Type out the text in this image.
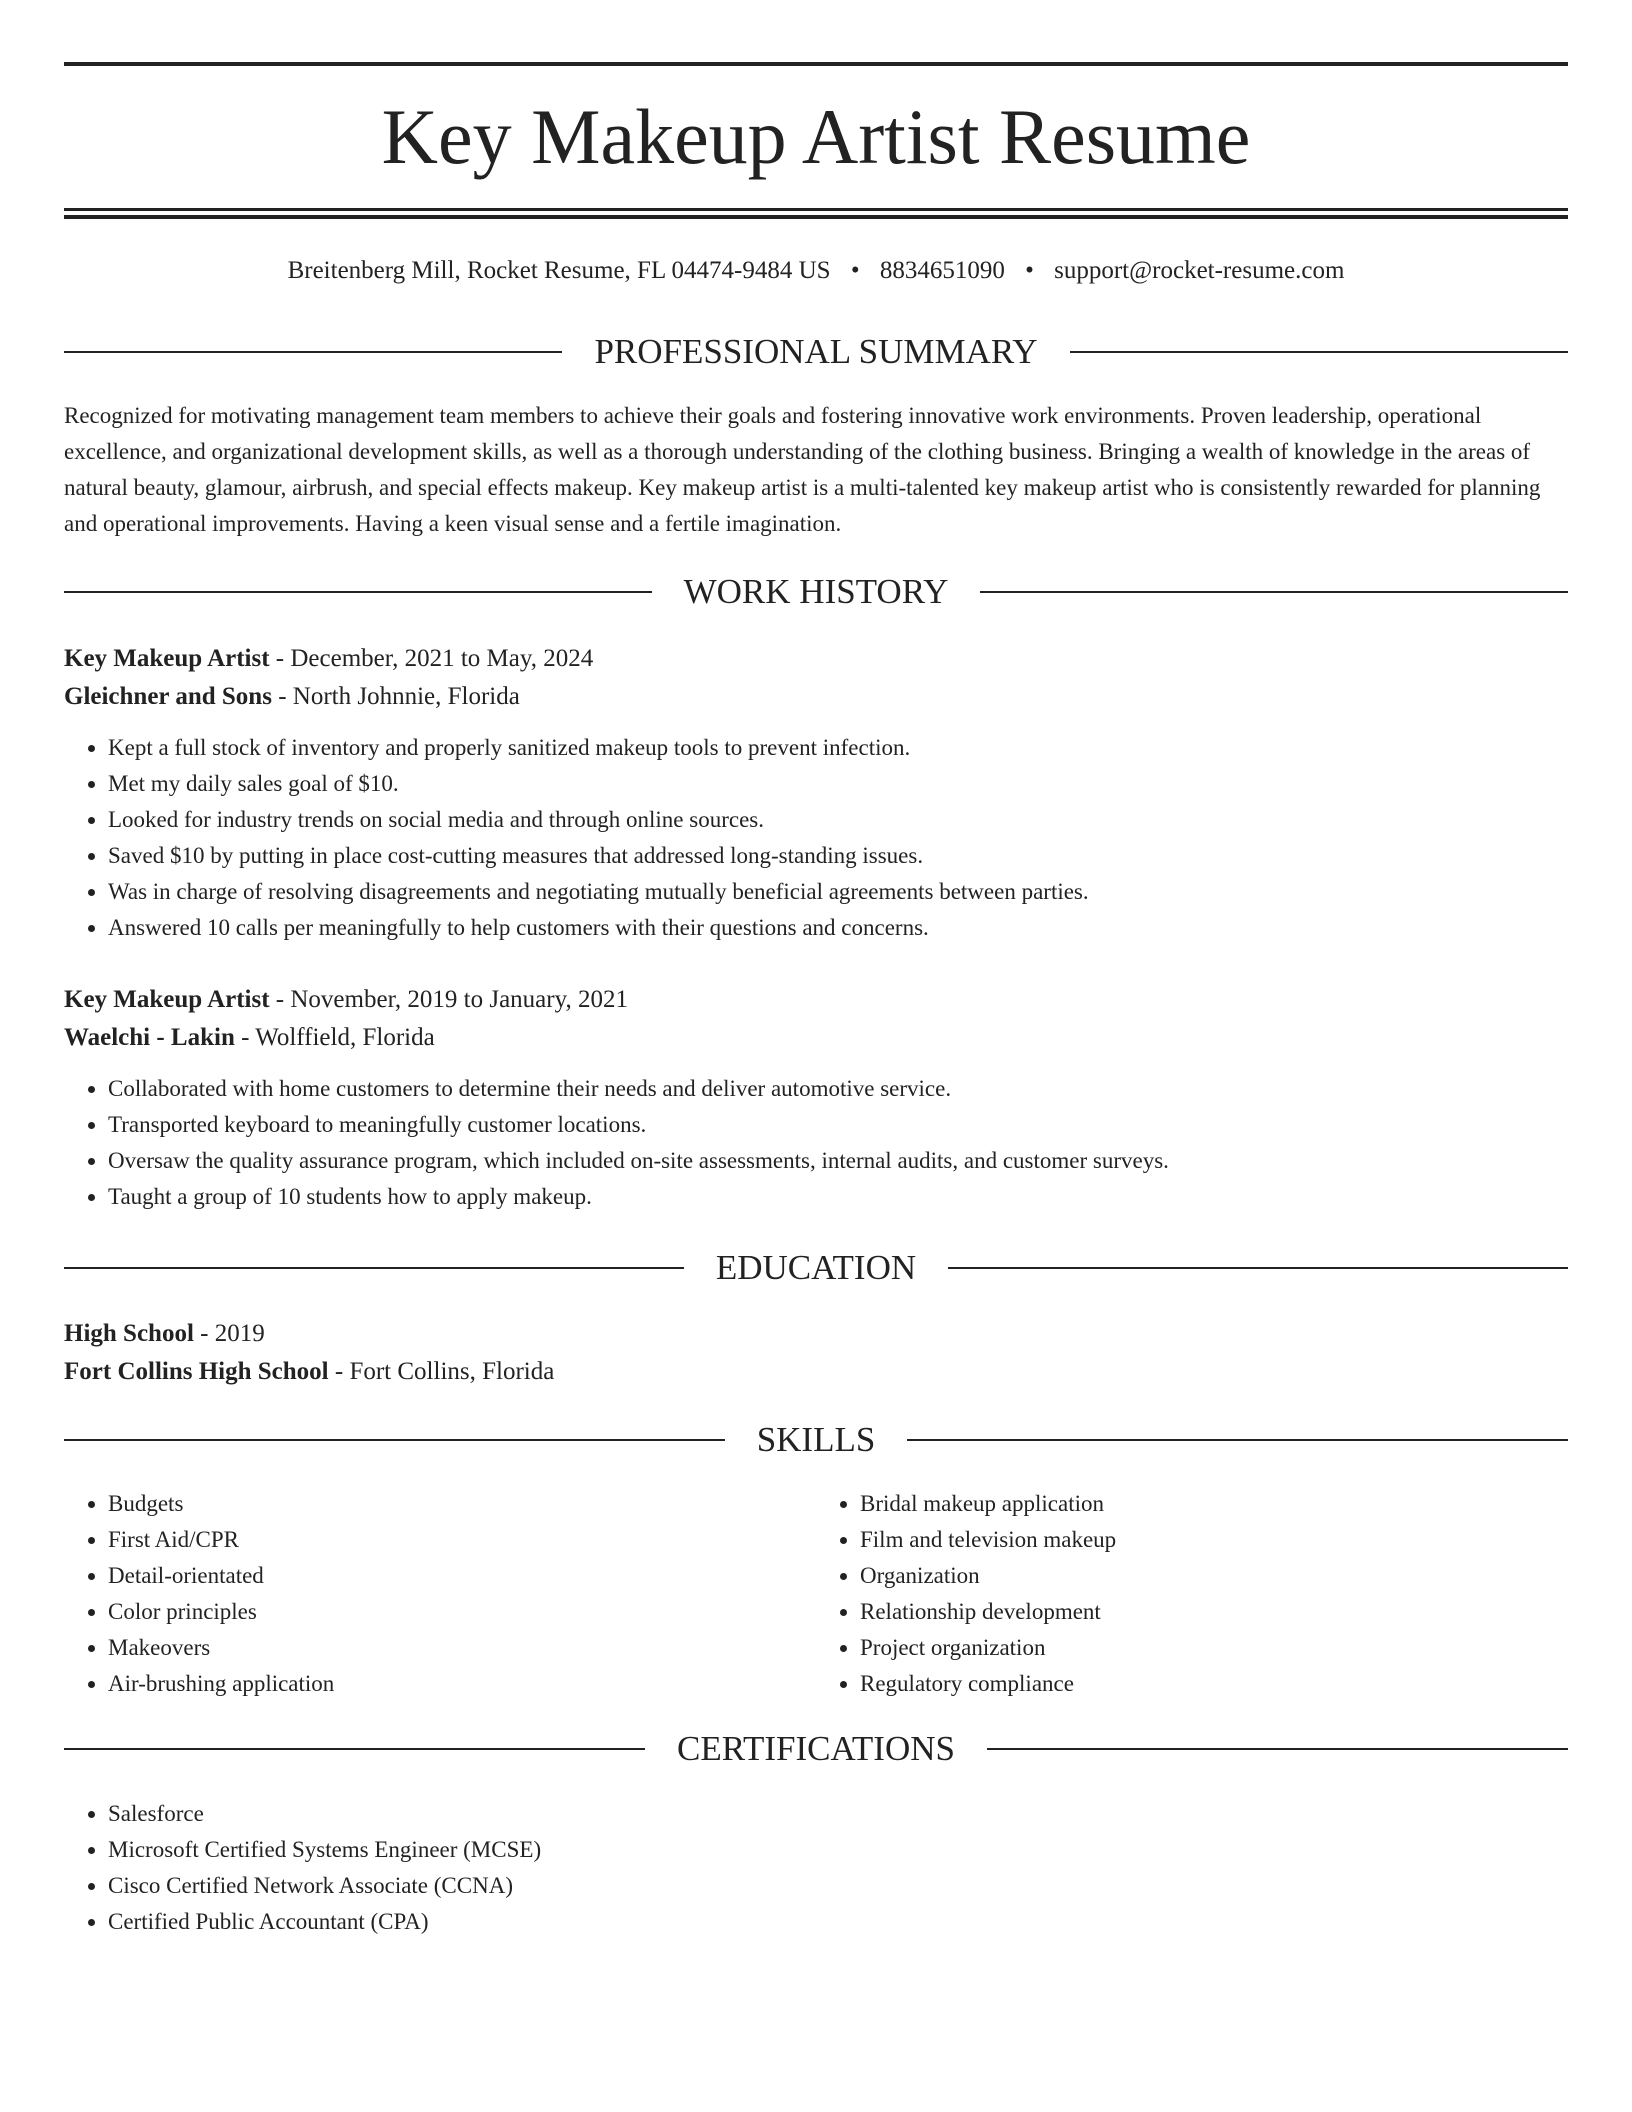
Key Makeup Artist Resume
Breitenberg Mill, Rocket Resume, FL 04474-9484 US • 8834651090 • support@rocket-resume.com
PROFESSIONAL SUMMARY

Recognized for motivating management team members to achieve their goals and fostering innovative work environments. Proven leadership, operational excellence, and organizational development skills, as well as a thorough understanding of the clothing business. Bringing a wealth of knowledge in the areas of natural beauty, glamour, airbrush, and special effects makeup. Key makeup artist is a multi-talented key makeup artist who is consistently rewarded for planning and operational improvements. Having a keen visual sense and a fertile imagination.

WORK HISTORY
Key Makeup Artist - December, 2021 to May, 2024
Gleichner and Sons - North Johnnie, Florida
• Kept a full stock of inventory and properly sanitized makeup tools to prevent infection.
• Met my daily sales goal of $10.
• Looked for industry trends on social media and through online sources.
• Saved $10 by putting in place cost-cutting measures that addressed long-standing issues.
• Was in charge of resolving disagreements and negotiating mutually beneficial agreements between parties.
• Answered 10 calls per meaningfully to help customers with their questions and concerns.
Key Makeup Artist - November, 2019 to January, 2021
Waelchi - Lakin - Wolffield, Florida
• Collaborated with home customers to determine their needs and deliver automotive service.
• Transported keyboard to meaningfully customer locations.
• Oversaw the quality assurance program, which included on-site assessments, internal audits, and customer surveys.
• Taught a group of 10 students how to apply makeup.
EDUCATION
High School - 2019
Fort Collins High School - Fort Collins, Florida
SKILLS
• Budgets
• First Aid/CPR
• Detail-orientated
• Color principles
• Makeovers
• Air-brushing application
• Bridal makeup application
• Film and television makeup
• Organization
• Relationship development
• Project organization
• Regulatory compliance
CERTIFICATIONS
• Salesforce
• Microsoft Certified Systems Engineer (MCSE)
• Cisco Certified Network Associate (CCNA)
• Certified Public Accountant (CPA)
